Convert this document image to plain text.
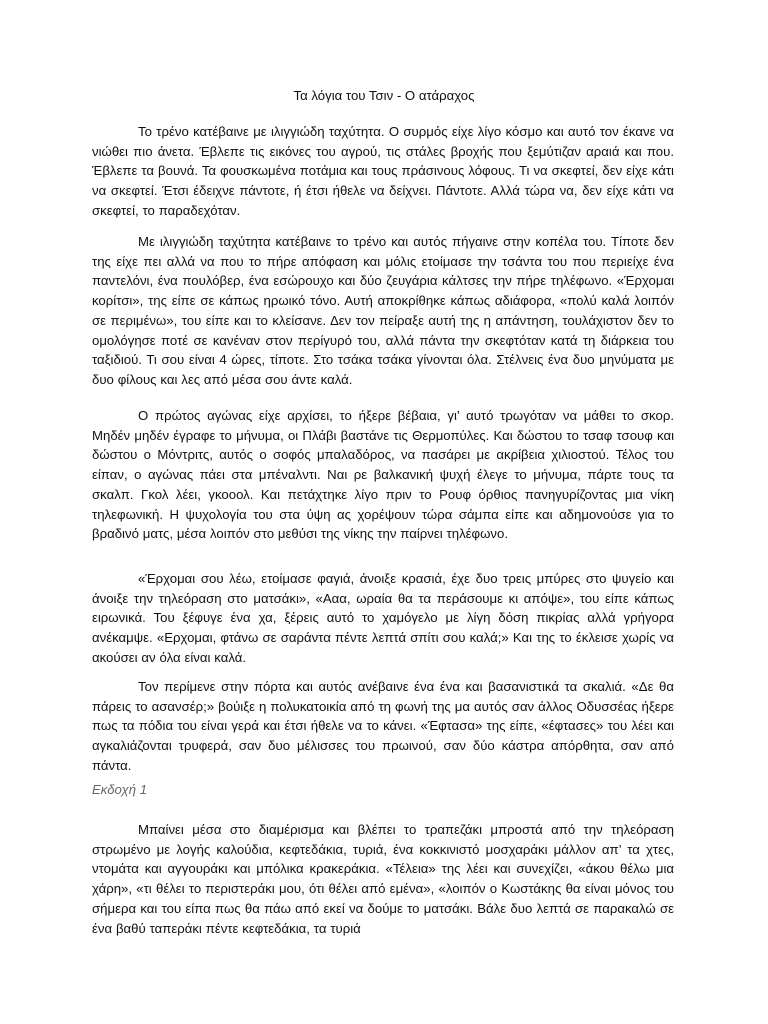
Τα λόγια του Τσιν - Ο ατάραχος

Το τρένο κατέβαινε με ιλιγγιώδη ταχύτητα. Ο συρμός είχε λίγο κόσμο και αυτό τον έκανε να νιώθει πιο άνετα. Έβλεπε τις εικόνες του αγρού, τις στάλες βροχής που ξεμύτιζαν αραιά και που. Έβλεπε τα βουνά. Τα φουσκωμένα ποτάμια και τους πράσινους λόφους. Τι να σκεφτεί, δεν είχε κάτι να σκεφτεί. Έτσι έδειχνε πάντοτε, ή έτσι ήθελε να δείχνει. Πάντοτε. Αλλά τώρα να, δεν είχε κάτι να σκεφτεί, το παραδεχόταν.

Με ιλιγγιώδη ταχύτητα κατέβαινε το τρένο και αυτός πήγαινε στην κοπέλα του. Τίποτε δεν της είχε πει αλλά να που το πήρε απόφαση και μόλις ετοίμασε την τσάντα του που περιείχε ένα παντελόνι, ένα πουλόβερ, ένα εσώρουχο και δύο ζευγάρια κάλτσες την πήρε τηλέφωνο. «Έρχομαι κορίτσι», της είπε σε κάπως ηρωικό τόνο. Αυτή αποκρίθηκε κάπως αδιάφορα, «πολύ καλά λοιπόν σε περιμένω», του είπε και το κλείσανε. Δεν τον πείραξε αυτή της η απάντηση, τουλάχιστον δεν το ομολόγησε ποτέ σε κανέναν στον περίγυρό του, αλλά πάντα την σκεφτόταν κατά τη διάρκεια του ταξιδιού. Τι σου είναι 4 ώρες, τίποτε. Στο τσάκα τσάκα γίνονται όλα. Στέλνεις ένα δυο μηνύματα με δυο φίλους και λες από μέσα σου άντε καλά.

Ο πρώτος αγώνας είχε αρχίσει, το ήξερε βέβαια, γι’ αυτό τρωγόταν να μάθει το σκορ. Μηδέν μηδέν έγραφε το μήνυμα, οι Πλάβι βαστάνε τις Θερμοπύλες. Και δώστου το τσαφ τσουφ και δώστου ο Μόντριτς, αυτός ο σοφός μπαλαδόρος, να πασάρει με ακρίβεια χιλιοστού. Τέλος του είπαν, ο αγώνας πάει στα μπέναλντι. Ναι ρε βαλκανική ψυχή έλεγε το μήνυμα, πάρτε τους τα σκαλπ. Γκολ λέει, γκοοολ. Και πετάχτηκε λίγο πριν το Ρουφ όρθιος πανηγυρίζοντας μια νίκη τηλεφωνική. Η ψυχολογία του στα ύψη ας χορέψουν τώρα σάμπα είπε και αδημονούσε για το βραδινό ματς, μέσα λοιπόν στο μεθύσι της νίκης την παίρνει τηλέφωνο.

«Έρχομαι σου λέω, ετοίμασε φαγιά, άνοιξε κρασιά, έχε δυο τρεις μπύρες στο ψυγείο και άνοιξε την τηλεόραση στο ματσάκι», «Ααα, ωραία θα τα περάσουμε κι απόψε», του είπε κάπως ειρωνικά. Του ξέφυγε ένα χα, ξέρεις αυτό το χαμόγελο με λίγη δόση πικρίας αλλά γρήγορα ανέκαμψε. «Ερχομαι, φτάνω σε σαράντα πέντε λεπτά σπίτι σου καλά;» Και της το έκλεισε χωρίς να ακούσει αν όλα είναι καλά.

Τον περίμενε στην πόρτα και αυτός ανέβαινε ένα ένα και βασανιστικά τα σκαλιά. «Δε θα πάρεις το ασανσέρ;» βούιξε η πολυκατοικία από τη φωνή της μα αυτός σαν άλλος Οδυσσέας ήξερε πως τα πόδια του είναι γερά και έτσι ήθελε να το κάνει. «Έφτασα» της είπε, «έφτασες» του λέει και αγκαλιάζονται τρυφερά, σαν δυο μέλισσες του πρωινού, σαν δύο κάστρα απόρθητα, σαν από πάντα.

Εκδοχή 1

Μπαίνει μέσα στο διαμέρισμα και βλέπει το τραπεζάκι μπροστά από την τηλεόραση στρωμένο με λογής καλούδια, κεφτεδάκια, τυριά, ένα κοκκινιστό μοσχαράκι μάλλον απ’ τα χτες, ντομάτα και αγγουράκι και μπόλικα κρακεράκια. «Τέλεια» της λέει και συνεχίζει, «άκου θέλω μια χάρη», «τι θέλει το περιστεράκι μου, ότι θέλει από εμένα», «λοιπόν ο Κωστάκης θα είναι μόνος του σήμερα και του είπα πως θα πάω από εκεί να δούμε το ματσάκι. Βάλε δυο λεπτά σε παρακαλώ σε ένα βαθύ ταπεράκι πέντε κεφτεδάκια, τα τυριά
